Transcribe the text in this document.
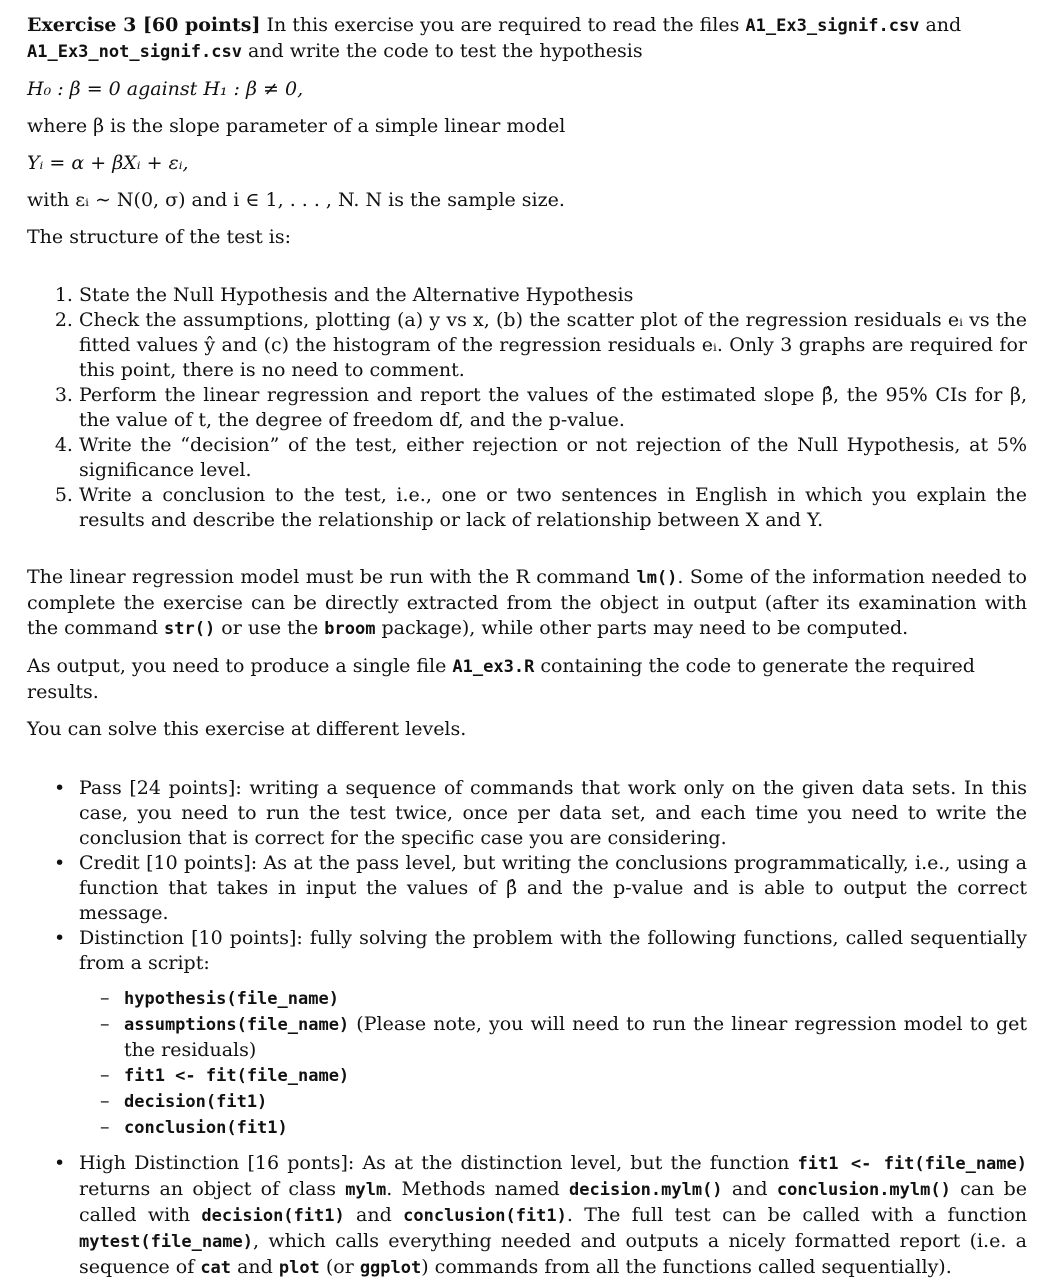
Exercise 3 [60 points] In this exercise you are required to read the files A1_Ex3_signif.csv and
A1_Ex3_not_signif.csv and write the code to test the hypothesis

H₀ : β = 0 against H₁ : β ≠ 0,

where β is the slope parameter of a simple linear model

Yᵢ = α + βXᵢ + εᵢ,

with εᵢ ∼ N(0, σ) and i ∈ 1, . . . , N. N is the sample size.

The structure of the test is:

1. State the Null Hypothesis and the Alternative Hypothesis
2. Check the assumptions, plotting (a) y vs x, (b) the scatter plot of the regression residuals eᵢ vs the fitted values ŷ and (c) the histogram of the regression residuals eᵢ. Only 3 graphs are required for this point, there is no need to comment.
3. Perform the linear regression and report the values of the estimated slope β̂, the 95% CIs for β, the value of t, the degree of freedom df, and the p-value.
4. Write the “decision” of the test, either rejection or not rejection of the Null Hypothesis, at 5% significance level.
5. Write a conclusion to the test, i.e., one or two sentences in English in which you explain the results and describe the relationship or lack of relationship between X and Y.

The linear regression model must be run with the R command lm(). Some of the information needed to complete the exercise can be directly extracted from the object in output (after its examination with the command str() or use the broom package), while other parts may need to be computed.

As output, you need to produce a single file A1_ex3.R containing the code to generate the required results.

You can solve this exercise at different levels.

• Pass [24 points]: writing a sequence of commands that work only on the given data sets. In this case, you need to run the test twice, once per data set, and each time you need to write the conclusion that is correct for the specific case you are considering.
• Credit [10 points]: As at the pass level, but writing the conclusions programmatically, i.e., using a function that takes in input the values of β̂ and the p-value and is able to output the correct message.
• Distinction [10 points]: fully solving the problem with the following functions, called sequentially from a script:
– hypothesis(file_name)
– assumptions(file_name) (Please note, you will need to run the linear regression model to get the residuals)
– fit1 <- fit(file_name)
– decision(fit1)
– conclusion(fit1)
• High Distinction [16 ponts]: As at the distinction level, but the function fit1 <- fit(file_name) returns an object of class mylm. Methods named decision.mylm() and conclusion.mylm() can be called with decision(fit1) and conclusion(fit1). The full test can be called with a function mytest(file_name), which calls everything needed and outputs a nicely formatted report (i.e. a sequence of cat and plot (or ggplot) commands from all the functions called sequentially).
